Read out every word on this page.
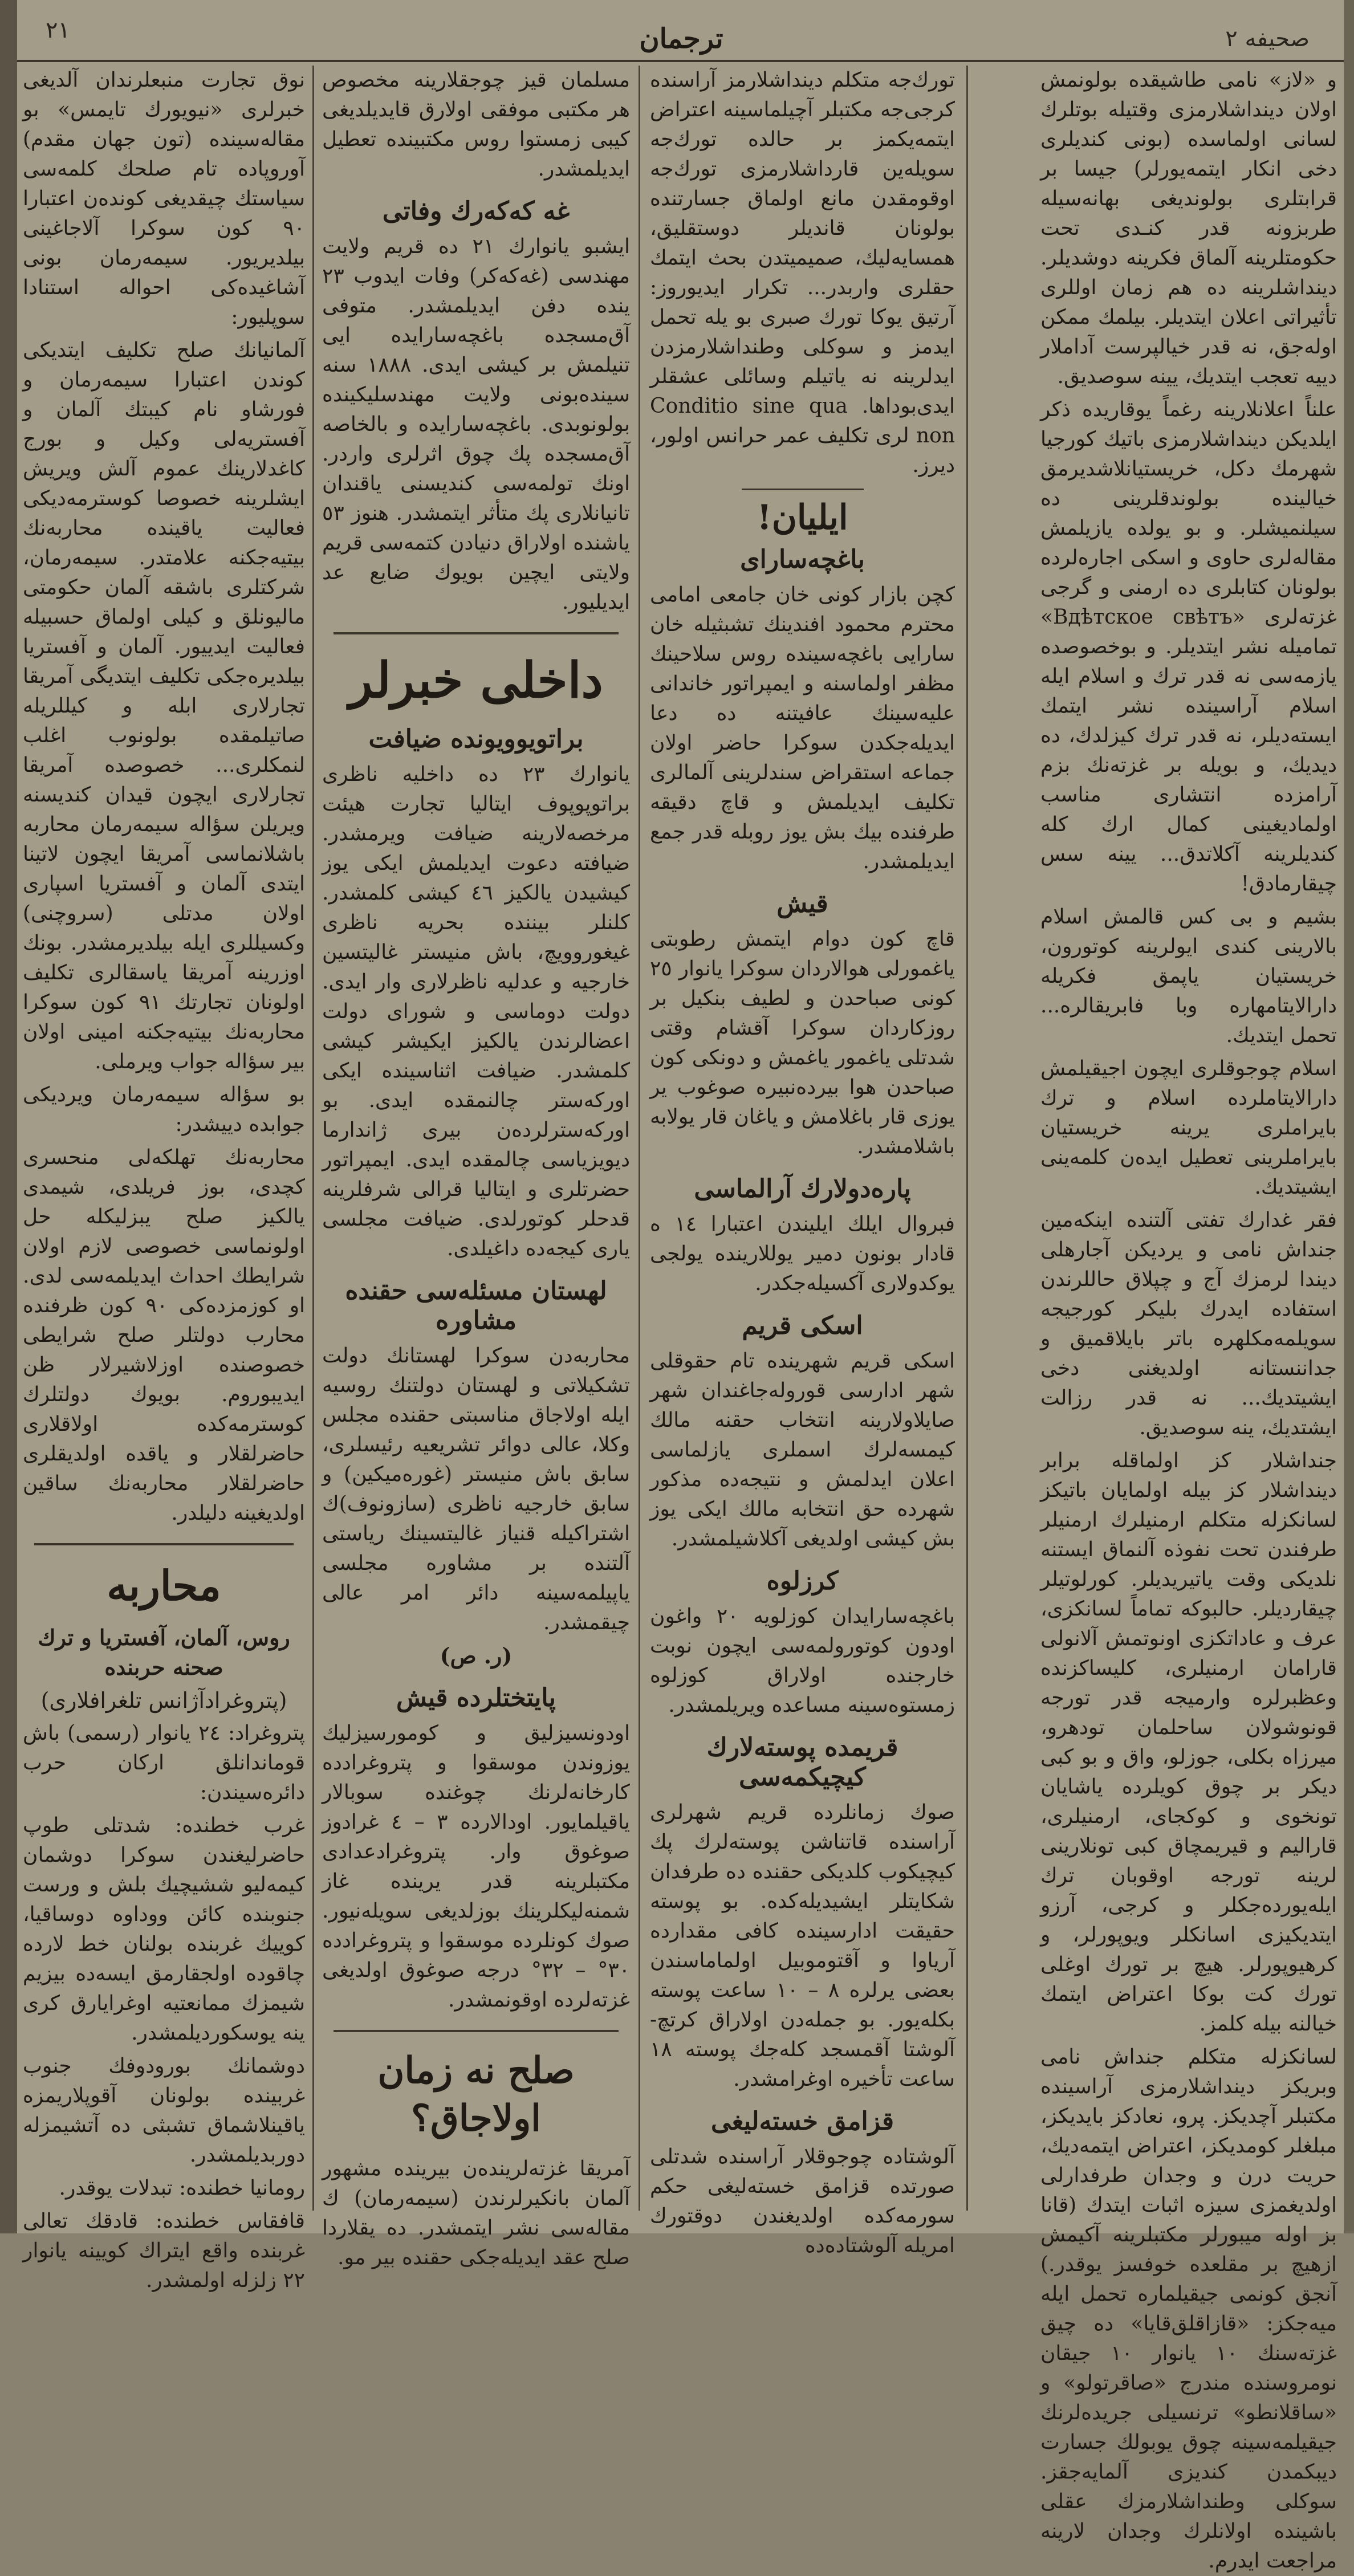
٢١	ترجمان	صحیفه ٢

و «لاز» نامی طاشیقده بولونمش اولان دینداشلارمزی وقتیله بوتلرك لسانی اولماسده (بونی كندیلری دخی انكار ایتمه‌یورلر) جیسا بر قرابتلری بولوندیغی بهانه‌سیله طربزونه قدر كنـدی تحت حكومتلرینه آلماق فكرینه دوشدیلر. دینداشلرینه ده هم زمان اوللری تأثیراتی اعلان ایتدیلر. بیلمك ممكن اوله‌جق، نه قدر خیالپرست آداملار دییه تعجب ایتدیك، یینه سوصدیق.

علناً اعلانلارینه رغماً یوقاریده ذكر ایلدیكن دینداشلارمزی باتیك كورجیا شهرمك دكل، خریستیانلاشدیرمق خیالینده بولوندقلرینی ده سیلنمیشلر. و بو یولده یازیلمش مقاله‌لری حاوی و اسكی اجاره‌لرده بولونان كتابلری ده ارمنی و گرجی غزته‌لری «Вдѣтское свѣтъ» تمامیله نشر ایتدیلر. و بوخصوصده یازمه‌سی نه قدر ترك و اسلام ایله اسلام آراسینده نشر ایتمك ایسته‌دیلر، نه قدر ترك كیزلدك، ده دیدیك، و بویله بر غزته‌نك بزم آرامزده انتشاری مناسب اولمادیغینی كمال ارك كله كندیلرینه آكلاتدق... یینه سس چیقارمادق!

بشیم و بی كس قالمش اسلام بالارینی كندی ایولرینه كوتورون، خریستیان یاپمق فكریله دارالایتامهاره وبا فابریقالره... تحمل ایتدیك.

اسلام چوجوقلری ایچون اجیقیلمش دارالایتاملرده اسلام و ترك بایراملری یرینه خریستیان بایراملرینی تعطیل ایده‌ن كلمه‌ینی ایشیتدیك.

فقر غدارك تفتی آلتنده اینكه‌مین جنداش نامی و یردیكن آجارهلی دیندا لرمزك آج و چپلاق حاللرندن استفاده ایدرك بلیكر كورجیجه سویلمه‌مكلهره باتر بایلاقمیق و جداننستانه اولدیغنی دخی ایشیتدیك... نه قدر رزالت ایشتدیك، ینه سوصدیق.

جنداشلار كز اولماقله برابر دینداشلار كز بیله اولمایان باتیكز لسانكزله متكلم ارمنیلرك ارمنیلر طرفندن تحت نفوذه آلنماق ایستنه نلدیكی وقت یاتیریدیلر. كورلوتیلر چیقاردیلر. حالبوكه تماماً لسانكزی، عرف و عاداتكزی اونوتمش آلانولی قارامان ارمنیلری، كلیساكزنده وعظبرلره وارمیجه قدر تورجه قونوشولان ساحلمان تودهرو، میرزاه بكلی، جوزلو، واق و بو كبی دیكر بر چوق كویلرده یاشایان تونخوی و كوكجای، ارمنیلری، قارالیم و قیریمچاق كبی تونلارینی لرینه تورجه اوقوبان ترك ایله‌یورده‌جكلر و كرجی، آرزو ایتدیكیزی اسانكلر ویوپورلر، و كرهیوپورلر. هیچ بر تورك اوغلی تورك كت بوكا اعتراض ایتمك خیالنه بیله كلمز.

لسانكزله متكلم جنداش نامی وبریكز دینداشلارمزی آراسینده مكتبلر آچدیكز. پرو، نعادكز بایدیكز، مبلغلر كومدیكز، اعتراض ایتمه‌دیك، حریت درن و وجدان طرفدارلی اولدیغمزی سیزه اثبات ایتدك (قانا بز اوله میبورلر مكتبلرینه آكیمش ازهیچ بر مقلعده خوفسز یوقدر.) آنجق كونمی جیقیلماره تحمل ایله میه‌جكز: «قازاقلق‌قایا‌» ده چیق غزته‌سنك ١٠ یانوار ١٠ جیقان نومروسنده مندرج «صاقرتولو» و «ساقلانطو» ترنسیلی جرید‌ه‌لرنك جیقیلمه‌سینه چوق یوبولك جسارت دیبكمدن كندیزی آلمایه‌جقز. سوكلی وطنداشلارمزك عقلی باشینده اولانلرك وجدان لارینه مراجعت ایدرم.

تورك‌جه متكلم دینداشلارمز آراسنده كرجی‌جه مكتبلر آچیلماسینه اعتراض ایتمه‌یكمز بر حالده تورك‌جه سویله‌ین قارداشلارمزی تورك‌جه اوقومقدن مانع اولماق جسارتنده بولونان قاندیلر دوستقلیق، همسایه‌لیك، صمیمیتدن بحث ایتمك حقلری واربدر... تكرار ایدیوروز: آرتیق یوكا تورك صبری بو یله تحمل ایدمز و سوكلی وطنداشلارمزدن ایدلرینه نه یاتیلم وسائلی عشقلر ایدی‌بوداها. Conditio sine qua non لری تكلیف عمر حرانس اولور، دیرز.

ایلیان!
باغچه‌سارای

كچن بازار كونی خان جامعی امامی محترم محمود افندینك تشبثیله خان سارایی باغچه‌سینده روس سلاحینك مظفر اولماسنه و ایمپراتور خاندانی علیه‌سینك عافیتنه ده دعا ایدیله‌جكدن سوكرا حاضر اولان جماعه استقراض سندلرینی آلمالری تكلیف ایدیلمش و قاچ دقیقه طرفنده بیك بش یوز روبله قدر جمع ایدیلمشدر.

قیش

قاچ كون دوام ایتمش رطوبتی یاغمورلی هوالاردان سوكرا یانوار ٢٥ كونی صباحدن و لطیف بنكیل بر روزكاردان سوكرا آقشام وقتی شدتلی یاغمور یاغمش و دونكی كون صباحدن هوا بیرده‌نبیره صوغوب یر یوزی قار باغلامش و یاغان قار یولابه باشلامشدر.

پاره‌دولارك آرالماسی

فبروال ایلك ایلیندن اعتبارا ١٤ ه قادار بونون دمیر یوللارینده یولجی یوكدولاری آكسیله‌جكدر.

اسكی قریم

اسكی قریم شهرینده تام حقوقلی شهر ادارسی قوروله‌جاغندان شهر صایلاولارینه انتخاب حقنه مالك كیمسه‌لرك اسملری یازلماسی اعلان ایدلمش و نتیجه‌ده مذكور شهرده حق انتخابه مالك ایكی یوز بش كیشی اولدیغی آكلاشیلمشدر.

كرزلوه

باغچه‌سارایدان كوزلویه ٢٠ واغون اودون كوتورولمه‌سی ایچون نوبت خارجنده اولاراق كوزلوه زمستوه‌سینه مساعده ویریلمشدر.

قریمده پوسته‌لارك كیچیكمه‌سی

صوك زمانلرده قریم شهرلری آراسنده قاتناشن پوسته‌لرك پك كیچیكوب كلدیكی حقنده ده طرفدان شكایتلر ایشیدیله‌كده. بو پوسته حقیقت ادارسینده كافی مقدارده آریاوا و آقتوموبیل اولماماسندن بعضی یرلره ٨ – ١٠ ساعت پوسته بكله‌یور. بو جمله‌دن اولاراق كرتچ-آلوشتا آقمسجد كله‌جك پوسته ١٨ ساعت تأخیره اوغرامشدر.

قزامق خسته‌لیغی

آلوشتاده چوجوقلار آراسنده شدتلی صورتده قزامق خسته‌لیغی حكم سورمه‌كده اولدیغندن دوقتورك امریله آلوشتاده‌ده

مسلمان قیز چوجقلارینه مخصوص هر مكتبی موفقی اولارق قایدیلدیغی كیبی زمستوا روس مكتبینده تعطیل ایدیلمشدر.

غه كه‌كه‌رك وفاتی

ایشبو یانوارك ٢١ ده قریم ولایت مهندسی (غه‌كه‌كر) وفات ایدوب ٢٣ ینده دفن ایدیلمشدر. متوفی آق‌مسجده باغچه‌سارایده ایی تنیلمش بر كیشی ایدی. ١٨٨٨ سنه سینده‌بونی ولایت مهندسلیكینده بولونوبدی. باغچه‌سارایده و بالخاصه آق‌مسجده پك چوق اثرلری واردر. اونك تولمه‌سی كندیسنی یاقندان تانیانلاری پك متأثر ایتمشدر. هنوز ٥٣ یاشنده اولاراق دنیادن كتمه‌سی قریم ولایتی ایچین بویوك ضایع عد ایدیلیور.

داخلی خبرلر
براتویوویونده ضیافت

یانوارك ٢٣ ده داخلیه ناظری براتوپوپوف ایتالیا تجارت هیئت مرخصه‌لارینه ضیافت ویرمشدر. ضیافته دعوت ایدیلمش ایكی یوز كیشیدن یالكیز ٤٦ كیشی كلمشدر. كلنلر بیننده بحریه ناظری غیغوروویچ، باش منیستر غالیتسین خارجیه و عدلیه ناظرلاری وار ایدی. دولت دوماسی و شورای دولت اعضالرندن یالكیز ایكیشر كیشی كلمشدر. ضیافت اثناسینده ایكی اوركه‌ستر چالنمقده ایدی. بو اوركه‌سترلرده‌ن بیری ژاندارما دیویزیاسی چالمقده ایدی. ایمپراتور حضرتلری و ایتالیا قرالی شرفلرینه قدحلر كوتورلدی. ضیافت مجلسی یاری كیجه‌ده داغیلدی.

لهستان مسئله‌سی حقنده مشاوره

محاربه‌دن سوكرا لهستانك دولت تشكیلاتی و لهستان دولتنك روسیه ایله اولاجاق مناسبتی حقنده مجلس وكلا، عالی دوائر تشریعیه رئیسلری، سابق باش منیستر (غوره‌میكین) و سابق خارجیه ناظری (سازونوف)ك اشتراكیله قنیاز غالیتسینك ریاستی آلتنده بر مشاوره مجلسی یاپیلمه‌سینه دائر امر عالی چیقمشدر.

(ر. ص)
پایتختلرده قیش

اودونسیزلیق و كومورسیزلیك یوزوندن موسقوا و پتروغرادده كارخانه‌لرنك چوغنده سوبالار یاقیلمایور. اودالارده ٣ – ٤ غرادوز صوغوق وار. پتروغرادعدادی مكتبلرینه قدر یرینده غاز شمنه‌لیكلرینك بوزلدیغی سویله‌نیور. صوك كونلرده موسقوا و پتروغرادده ٣٠° – ٣٢° درجه صوغوق اولدیغی غزته‌لرده اوقونمشدر.

صلح نه زمان اولاجاق؟

آمریقا غزته‌لرینده‌ن بیرینده مشهور آلمان بانكیرلرندن (سیمه‌رمان) ك مقاله‌سی نشر ایتمشدر. ده یقلاردا صلح عقد ایدیله‌جكی حقنده بیر مو.

نوق تجارت منبعلرندان آلدیغی خبرلری «نیویورك تایمس» بو مقاله‌سینده (تون جهان مقدم) آوروپاده تام صلحك كلمه‌سی سیاستك چیقدیغی كونده‌ن اعتبارا ٩٠ كون سوكرا آلاجاغینی بیلدیریور. سیمه‌رمان بونی آشاغیده‌كی احواله استنادا سوپلیور:

آلمانیانك صلح تكلیف ایتدیكی كوندن اعتبارا سیمه‌رمان و فورشاو نام كیبتك آلمان و آفستریه‌لی وكیل و بورج كاغدلارینك عموم آلش ویریش ایشلرینه خصوصا كوسترمه‌دیكی فعالیت یاقینده محاربه‌نك بیتیه‌جكنه علامتدر. سیمه‌رمان، شركتلری باشقه آلمان حكومتی مالیونلق و كیلی اولماق حسبیله فعالیت ایدییور. آلمان و آفستریا بیلدیره‌جكی تكلیف ایتدیگی آمریقا تجارلاری ابله و كیللریله صاتیلمقده بولونوب اغلب لنمكلری... خصوصده آمریقا تجارلاری ایچون قیدان كندیسنه ویریلن سؤاله سیمه‌رمان محاربه باشلانماسی آمریقا ایچون لاتینا ایتدی آلمان و آفستریا اسپاری اولان مدتلی (سروچنی) وكسیللری ایله بیلدیرمشدر. بونك اوزرینه آمریقا یاسقالری تكلیف اولونان تجارتك ٩١ كون سوكرا محاربه‌نك بیتیه‌جكنه امینی اولان بیر سؤاله جواب ویرملی.

بو سؤاله سیمه‌رمان ویردیكی جوابده دییشدر:

محاربه‌نك تهلكه‌لی منحسری كچدی، بوز فریلدی، شیمدی یالكیز صلح یبزلیكله حل اولونماسی خصوصی لازم اولان شرایطك احداث ایدیلمه‌سی لدی. او كوزمزده‌كی ٩٠ كون ظرفنده محارب دولتلر صلح شرایطی خصوصنده اوزلاشیرلار ظن ایدیبوروم. بویوك دولتلرك كوسترمه‌كده اولاقلاری حاضرلقلار و یاقده اولدیقلری حاضرلقلار محاربه‌نك ساقین اولدیغینه دلیلدر.

محاربه
روس، آلمان، آفستریا و ترك صحنه حربنده
(پتروغراد‌آژانس تلغرافلاری)

پتروغراد: ٢٤ یانوار (رسمی) باش قوماندانلق اركان حرب دائره‌سیندن:

غرب خطنده: شدتلی طوپ حاضرلیغندن سوكرا دوشمان كیمه‌لیو ششیچیك بلش و ورست جنوبنده كائن ووداوه دوساقیا، كوییك غربنده بولنان خط لارده چاقوده اولجقارمق ایسه‌ده بیزیم شیمزك ممانعتیه اوغرایارق كری ینه یوسكوردیلمشدر.

دوشمانك بورودوفك جنوب غربینده بولونان آقوپلاریمزه یاقینلاشماق تشبثی ده آتشیمزله دوربدیلمشدر.

رومانیا خطنده: تبدلات یوقدر.

قافقاس خطنده: قادقك تعالی غربنده واقع ایتراك كویینه یانوار ٢٢ زلزله اولمشدر.
